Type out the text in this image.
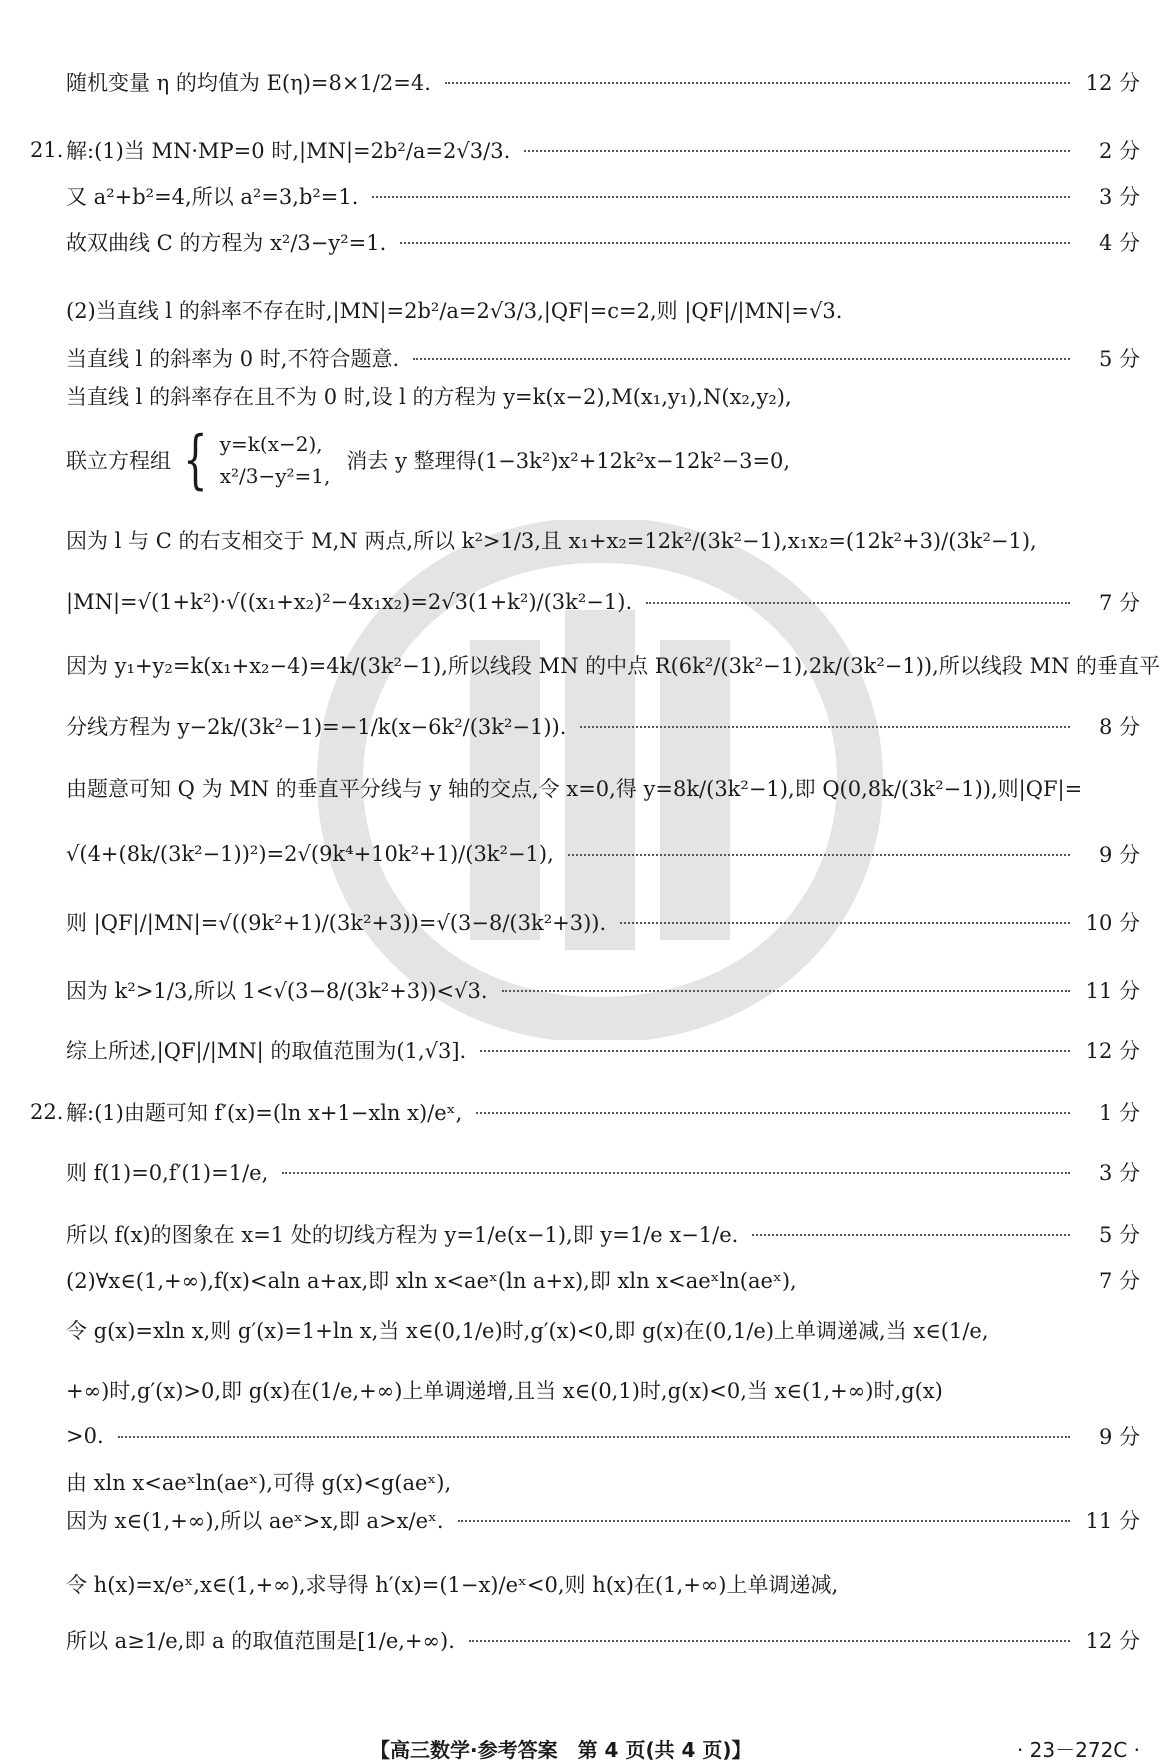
随机变量 η 的均值为 E(η)=8×1/2=4.	12 分
21. 解:(1)当 MN·MP=0 时,|MN|=2b²/a=2√3/3.	2 分
又 a²+b²=4,所以 a²=3,b²=1.	3 分
故双曲线 C 的方程为 x²/3−y²=1.	4 分
(2)当直线 l 的斜率不存在时,|MN|=2b²/a=2√3/3,|QF|=c=2,则 |QF|/|MN|=√3.
当直线 l 的斜率为 0 时,不符合题意.	5 分
当直线 l 的斜率存在且不为 0 时,设 l 的方程为 y=k(x−2),M(x₁,y₁),N(x₂,y₂),
联立方程组 { y=k(x−2),
x²/3−y²=1,
消去 y 整理得(1−3k²)x²+12k²x−12k²−3=0,
因为 l 与 C 的右支相交于 M,N 两点,所以 k²>1/3,且 x₁+x₂=12k²/(3k²−1),x₁x₂=(12k²+3)/(3k²−1),
|MN|=√(1+k²)·√((x₁+x₂)²−4x₁x₂)=2√3(1+k²)/(3k²−1).	7 分
因为 y₁+y₂=k(x₁+x₂−4)=4k/(3k²−1),所以线段 MN 的中点 R(6k²/(3k²−1),2k/(3k²−1)),所以线段 MN 的垂直平
分线方程为 y−2k/(3k²−1)=−1/k(x−6k²/(3k²−1)).	8 分
由题意可知 Q 为 MN 的垂直平分线与 y 轴的交点,令 x=0,得 y=8k/(3k²−1),即 Q(0,8k/(3k²−1)),则|QF|=
√(4+(8k/(3k²−1))²)=2√(9k⁴+10k²+1)/(3k²−1),	9 分
则 |QF|/|MN|=√((9k²+1)/(3k²+3))=√(3−8/(3k²+3)).	10 分
因为 k²>1/3,所以 1<√(3−8/(3k²+3))<√3.	11 分
综上所述,|QF|/|MN| 的取值范围为(1,√3].	12 分
22. 解:(1)由题可知 f′(x)=(ln x+1−xln x)/eˣ,	1 分
则 f(1)=0,f′(1)=1/e,	3 分
所以 f(x)的图象在 x=1 处的切线方程为 y=1/e(x−1),即 y=1/e x−1/e.	5 分
(2)∀x∈(1,+∞),f(x)<aln a+ax,即 xln x<aeˣ(ln a+x),即 xln x<aeˣln(aeˣ),	7 分
令 g(x)=xln x,则 g′(x)=1+ln x,当 x∈(0,1/e)时,g′(x)<0,即 g(x)在(0,1/e)上单调递减,当 x∈(1/e,
+∞)时,g′(x)>0,即 g(x)在(1/e,+∞)上单调递增,且当 x∈(0,1)时,g(x)<0,当 x∈(1,+∞)时,g(x)
>0.	9 分
由 xln x<aeˣln(aeˣ),可得 g(x)<g(aeˣ),
因为 x∈(1,+∞),所以 aeˣ>x,即 a>x/eˣ.	11 分
令 h(x)=x/eˣ,x∈(1,+∞),求导得 h′(x)=(1−x)/eˣ<0,则 h(x)在(1,+∞)上单调递减,
所以 a≥1/e,即 a 的取值范围是[1/e,+∞).	12 分
【高三数学·参考答案　第 4 页(共 4 页)】	· 23－272C ·
